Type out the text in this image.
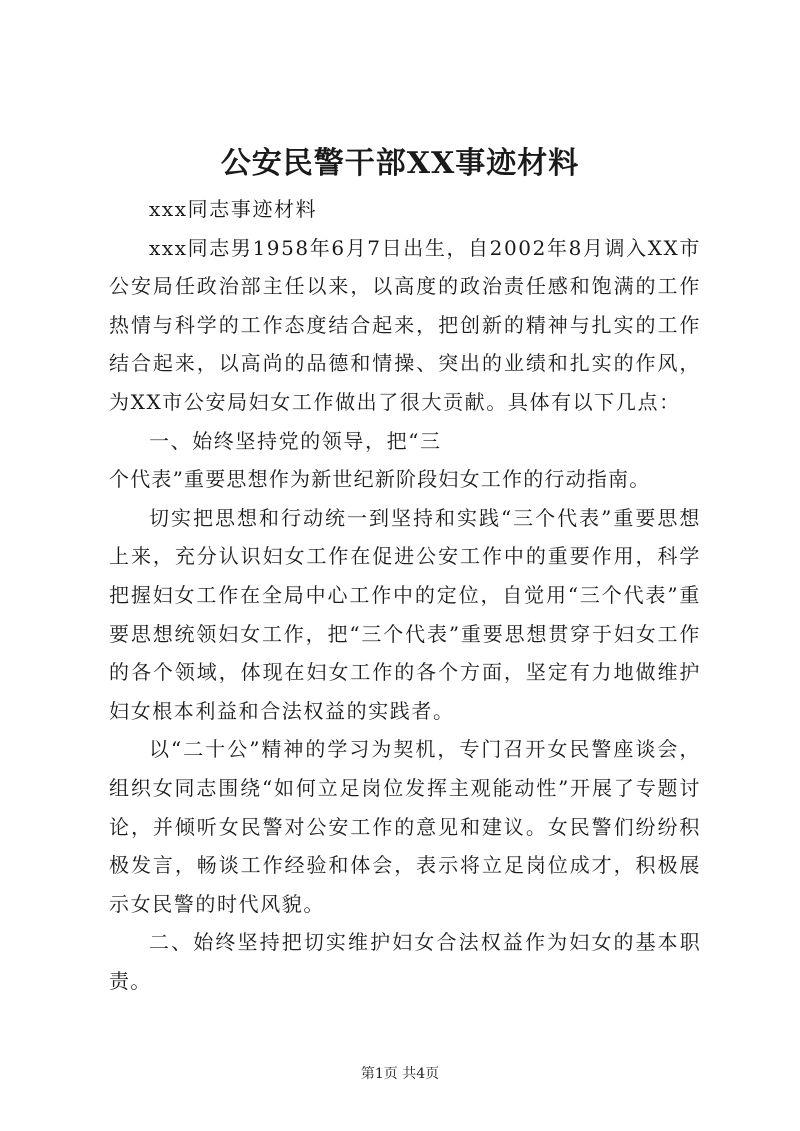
公安民警干部XX事迹材料

xxx同志事迹材料

xxx同志男1958年6月7日出生，自2002年8月调入XX市公安局任政治部主任以来，以高度的政治责任感和饱满的工作热情与科学的工作态度结合起来，把创新的精神与扎实的工作结合起来，以高尚的品德和情操、突出的业绩和扎实的作风，为XX市公安局妇女工作做出了很大贡献。具体有以下几点：

一、始终坚持党的领导，把“三

个代表”重要思想作为新世纪新阶段妇女工作的行动指南。

切实把思想和行动统一到坚持和实践“三个代表”重要思想上来，充分认识妇女工作在促进公安工作中的重要作用，科学把握妇女工作在全局中心工作中的定位，自觉用“三个代表”重要思想统领妇女工作，把“三个代表”重要思想贯穿于妇女工作的各个领域，体现在妇女工作的各个方面，坚定有力地做维护妇女根本利益和合法权益的实践者。

以“二十公”精神的学习为契机，专门召开女民警座谈会，组织女同志围绕“如何立足岗位发挥主观能动性”开展了专题讨论，并倾听女民警对公安工作的意见和建议。女民警们纷纷积极发言，畅谈工作经验和体会，表示将立足岗位成才，积极展示女民警的时代风貌。

二、始终坚持把切实维护妇女合法权益作为妇女的基本职责。

第1页 共4页
